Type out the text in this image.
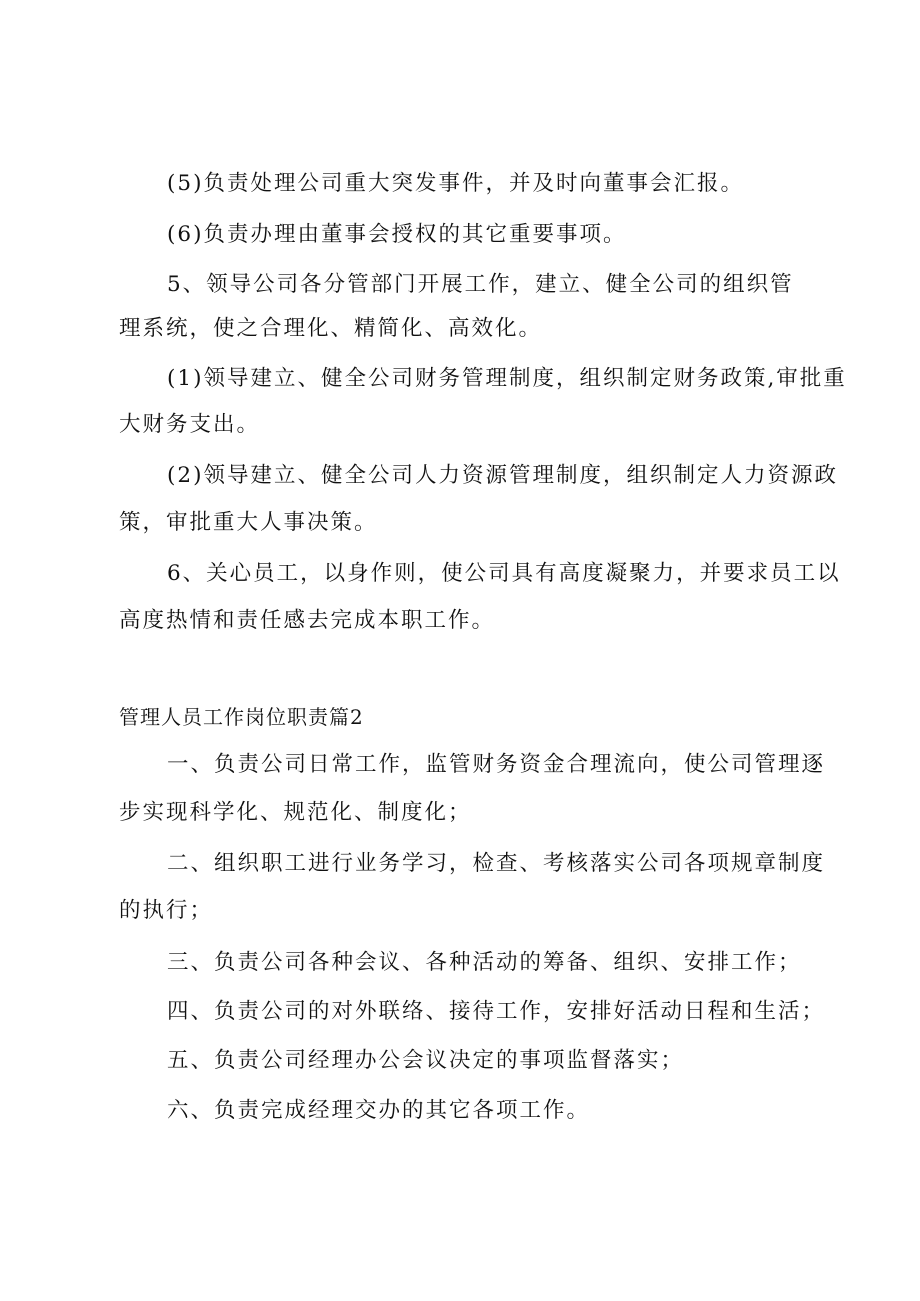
(5)负责处理公司重大突发事件，并及时向董事会汇报。
(6)负责办理由董事会授权的其它重要事项。
5、领导公司各分管部门开展工作，建立、健全公司的组织管
理系统，使之合理化、精简化、高效化。
(1)领导建立、健全公司财务管理制度，组织制定财务政策,审批重
大财务支出。
(2)领导建立、健全公司人力资源管理制度，组织制定人力资源政
策，审批重大人事决策。
6、关心员工，以身作则，使公司具有高度凝聚力，并要求员工以
高度热情和责任感去完成本职工作。
管理人员工作岗位职责篇2
一、负责公司日常工作，监管财务资金合理流向，使公司管理逐
步实现科学化、规范化、制度化；
二、组织职工进行业务学习，检查、考核落实公司各项规章制度
的执行；
三、负责公司各种会议、各种活动的筹备、组织、安排工作；
四、负责公司的对外联络、接待工作，安排好活动日程和生活；
五、负责公司经理办公会议决定的事项监督落实；
六、负责完成经理交办的其它各项工作。
